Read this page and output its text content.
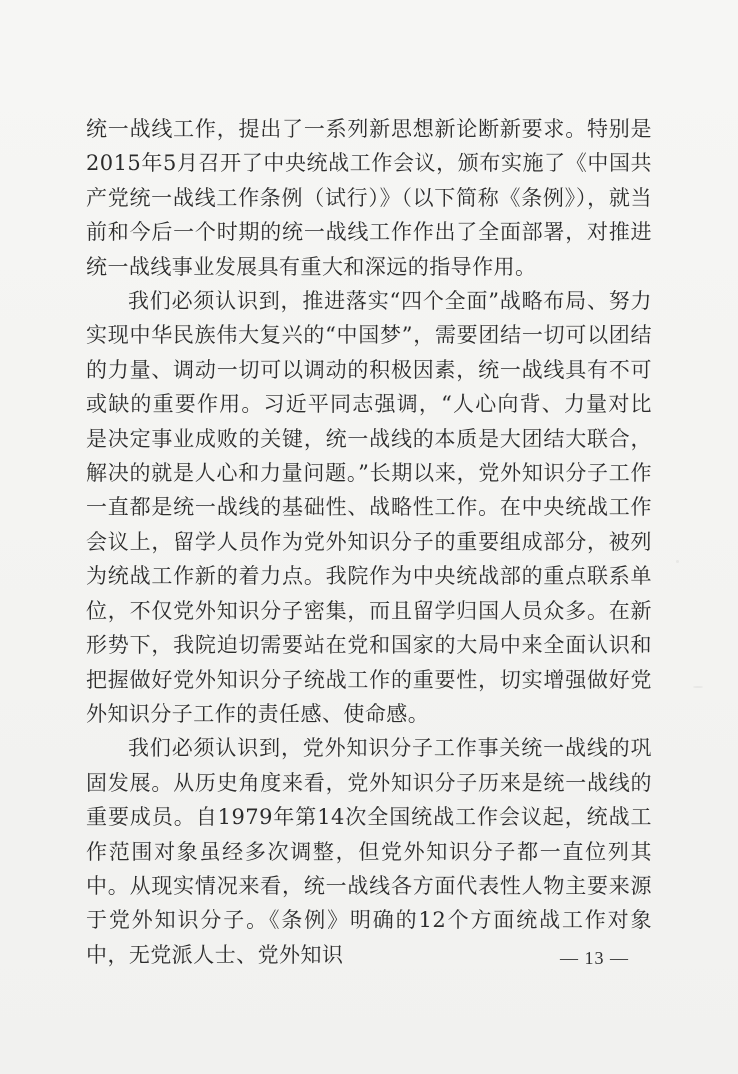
统一战线工作，提出了一系列新思想新论断新要求。特别是2015年5月召开了中央统战工作会议，颁布实施了《中国共产党统一战线工作条例（试行）》（以下简称《条例》），就当前和今后一个时期的统一战线工作作出了全面部署，对推进统一战线事业发展具有重大和深远的指导作用。

我们必须认识到，推进落实“四个全面”战略布局、努力实现中华民族伟大复兴的“中国梦”，需要团结一切可以团结的力量、调动一切可以调动的积极因素，统一战线具有不可或缺的重要作用。习近平同志强调，“人心向背、力量对比是决定事业成败的关键，统一战线的本质是大团结大联合，解决的就是人心和力量问题。”长期以来，党外知识分子工作一直都是统一战线的基础性、战略性工作。在中央统战工作会议上，留学人员作为党外知识分子的重要组成部分，被列为统战工作新的着力点。我院作为中央统战部的重点联系单位，不仅党外知识分子密集，而且留学归国人员众多。在新形势下，我院迫切需要站在党和国家的大局中来全面认识和把握做好党外知识分子统战工作的重要性，切实增强做好党外知识分子工作的责任感、使命感。

我们必须认识到，党外知识分子工作事关统一战线的巩固发展。从历史角度来看，党外知识分子历来是统一战线的重要成员。自1979年第14次全国统战工作会议起，统战工作范围对象虽经多次调整，但党外知识分子都一直位列其中。从现实情况来看，统一战线各方面代表性人物主要来源于党外知识分子。《条例》明确的12个方面统战工作对象中，无党派人士、党外知识	— 13 —
